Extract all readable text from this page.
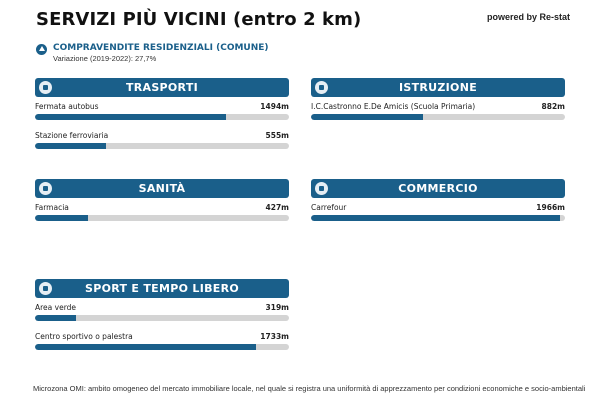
SERVIZI PIÙ VICINI (entro 2 km)	powered by Re-stat
COMPRAVENDITE RESIDENZIALI (COMUNE)
Variazione (2019-2022): 27,7%
TRASPORTI
Fermata autobus	1494m
Stazione ferroviaria	555m
ISTRUZIONE
I.C.Castronno E.De Amicis (Scuola Primaria)	882m
SANITÀ
Farmacia	427m
COMMERCIO
Carrefour	1966m
SPORT E TEMPO LIBERO
Area verde	319m
Centro sportivo o palestra	1733m
Microzona OMI: ambito omogeneo del mercato immobiliare locale, nel quale si registra una uniformità di apprezzamento per condizioni economiche e socio-ambientali
